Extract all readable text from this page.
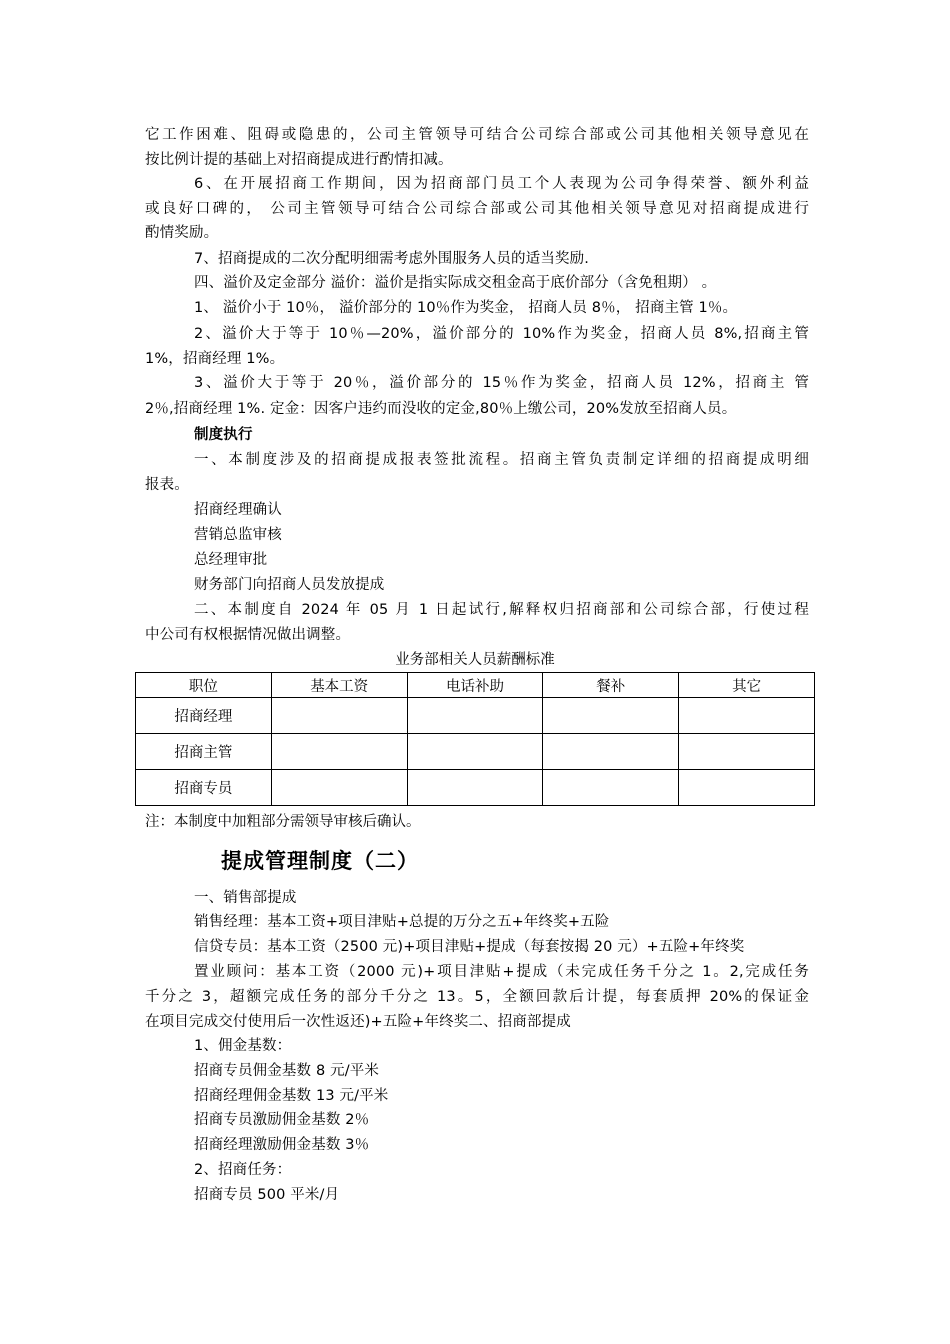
它工作困难、阻碍或隐患的，公司主管领导可结合公司综合部或公司其他相关领导意见在
按比例计提的基础上对招商提成进行酌情扣减。
6、在开展招商工作期间，因为招商部门员工个人表现为公司争得荣誉、额外利益
或良好口碑的， 公司主管领导可结合公司综合部或公司其他相关领导意见对招商提成进行
酌情奖励。
7、招商提成的二次分配明细需考虑外围服务人员的适当奖励.
四、溢价及定金部分 溢价：溢价是指实际成交租金高于底价部分（含免租期） 。
1、 溢价小于 10％， 溢价部分的 10％作为奖金， 招商人员 8％， 招商主管 1％。
2、溢价大于等于 10％—20%，溢价部分的 10%作为奖金，招商人员 8%,招商主管
1%，招商经理 1%。
3、溢价大于等于 20％，溢价部分的 15％作为奖金，招商人员 12%，招商主 管
2％,招商经理 1%. 定金：因客户违约而没收的定金,80％上缴公司，20%发放至招商人员。
制度执行
一、本制度涉及的招商提成报表签批流程。招商主管负责制定详细的招商提成明细
报表。
招商经理确认
营销总监审核
总经理审批
财务部门向招商人员发放提成
二、本制度自 2024 年 05 月 1 日起试行,解释权归招商部和公司综合部，行使过程
中公司有权根据情况做出调整。
业务部相关人员薪酬标准
职位	基本工资	电话补助	餐补	其它
招商经理				
招商主管				
招商专员				
注：本制度中加粗部分需领导审核后确认。
提成管理制度（二）
一、销售部提成
销售经理：基本工资+项目津贴+总提的万分之五+年终奖+五险
信贷专员：基本工资（2500 元)+项目津贴+提成（每套按揭 20 元）+五险+年终奖
置业顾问：基本工资（2000 元)+项目津贴+提成（未完成任务千分之 1。2,完成任务
千分之 3，超额完成任务的部分千分之 13。5，全额回款后计提，每套质押 20%的保证金
在项目完成交付使用后一次性返还)+五险+年终奖二、招商部提成
1、佣金基数：
招商专员佣金基数 8 元/平米
招商经理佣金基数 13 元/平米
招商专员激励佣金基数 2％
招商经理激励佣金基数 3％
2、招商任务：
招商专员 500 平米/月
